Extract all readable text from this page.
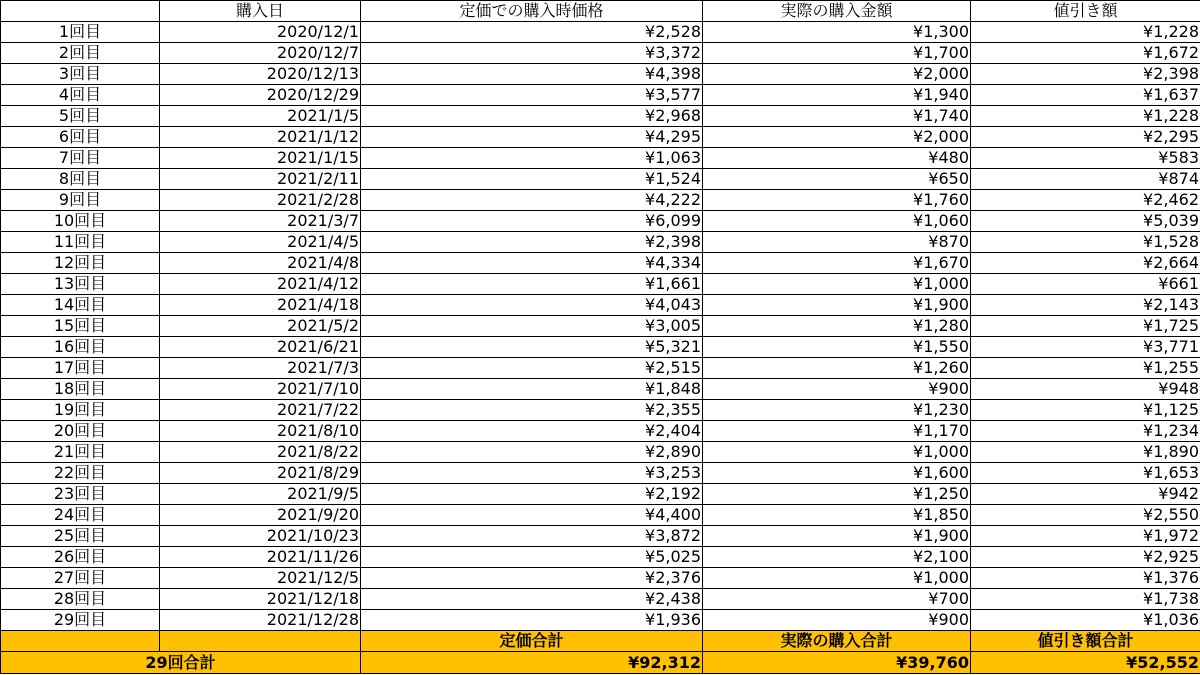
	購入日	定価での購入時価格	実際の購入金額	値引き額
1回目	2020/12/1	¥2,528	¥1,300	¥1,228
2回目	2020/12/7	¥3,372	¥1,700	¥1,672
3回目	2020/12/13	¥4,398	¥2,000	¥2,398
4回目	2020/12/29	¥3,577	¥1,940	¥1,637
5回目	2021/1/5	¥2,968	¥1,740	¥1,228
6回目	2021/1/12	¥4,295	¥2,000	¥2,295
7回目	2021/1/15	¥1,063	¥480	¥583
8回目	2021/2/11	¥1,524	¥650	¥874
9回目	2021/2/28	¥4,222	¥1,760	¥2,462
10回目	2021/3/7	¥6,099	¥1,060	¥5,039
11回目	2021/4/5	¥2,398	¥870	¥1,528
12回目	2021/4/8	¥4,334	¥1,670	¥2,664
13回目	2021/4/12	¥1,661	¥1,000	¥661
14回目	2021/4/18	¥4,043	¥1,900	¥2,143
15回目	2021/5/2	¥3,005	¥1,280	¥1,725
16回目	2021/6/21	¥5,321	¥1,550	¥3,771
17回目	2021/7/3	¥2,515	¥1,260	¥1,255
18回目	2021/7/10	¥1,848	¥900	¥948
19回目	2021/7/22	¥2,355	¥1,230	¥1,125
20回目	2021/8/10	¥2,404	¥1,170	¥1,234
21回目	2021/8/22	¥2,890	¥1,000	¥1,890
22回目	2021/8/29	¥3,253	¥1,600	¥1,653
23回目	2021/9/5	¥2,192	¥1,250	¥942
24回目	2021/9/20	¥4,400	¥1,850	¥2,550
25回目	2021/10/23	¥3,872	¥1,900	¥1,972
26回目	2021/11/26	¥5,025	¥2,100	¥2,925
27回目	2021/12/5	¥2,376	¥1,000	¥1,376
28回目	2021/12/18	¥2,438	¥700	¥1,738
29回目	2021/12/28	¥1,936	¥900	¥1,036
		定価合計	実際の購入合計	値引き額合計
29回合計		¥92,312	¥39,760	¥52,552
